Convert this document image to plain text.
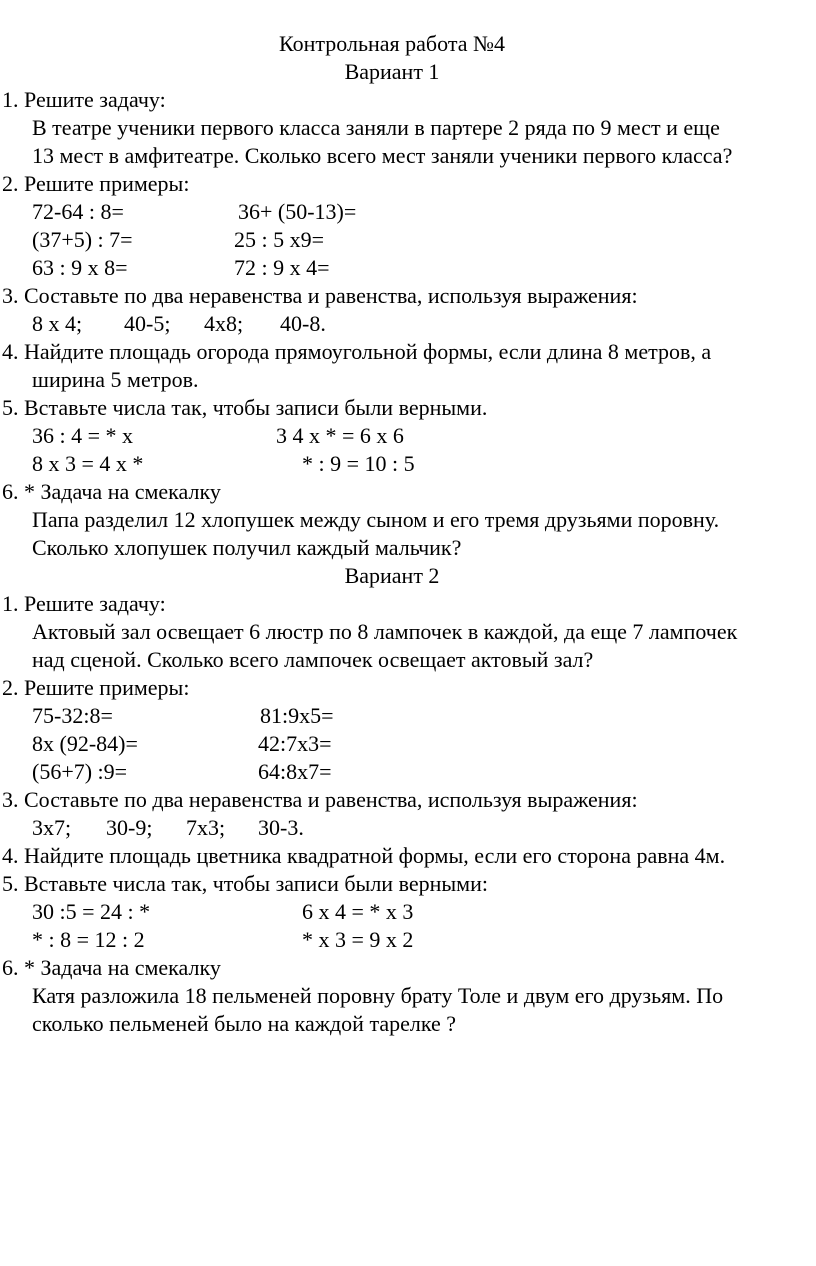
Контрольная работа №4
Вариант 1
1. Решите задачу:
В театре ученики первого класса заняли в партере 2 ряда по 9 мест и еще
13 мест в амфитеатре. Сколько всего мест заняли ученики первого класса?
2. Решите примеры:
72-64 : 8=	36+ (50-13)=
(37+5) : 7=	25 : 5 х9=
63 : 9 х 8=	72 : 9 х 4=
3. Составьте по два неравенства и равенства, используя выражения:
8 х 4; 40-5; 4х8; 40-8.
4. Найдите площадь огорода прямоугольной формы, если длина 8 метров, а
ширина 5 метров.
5. Вставьте числа так, чтобы записи были верными.
36 : 4 = * х	3 4 х * = 6 х 6
8 х 3 = 4 х *	* : 9 = 10 : 5
6. * Задача на смекалку
Папа разделил 12 хлопушек между сыном и его тремя друзьями поровну.
Сколько хлопушек получил каждый мальчик?
Вариант 2
1. Решите задачу:
Актовый зал освещает 6 люстр по 8 лампочек в каждой, да еще 7 лампочек
над сценой. Сколько всего лампочек освещает актовый зал?
2. Решите примеры:
75-32:8=	81:9х5=
8х (92-84)=	42:7х3=
(56+7) :9=	64:8х7=
3. Составьте по два неравенства и равенства, используя выражения:
3х7; 30-9; 7х3; 30-3.
4. Найдите площадь цветника квадратной формы, если его сторона равна 4м.
5. Вставьте числа так, чтобы записи были верными:
30 :5 = 24 : *	6 х 4 = * х 3
* : 8 = 12 : 2	* х 3 = 9 х 2
6. * Задача на смекалку
Катя разложила 18 пельменей поровну брату Толе и двум его друзьям. По
сколько пельменей было на каждой тарелке ?
